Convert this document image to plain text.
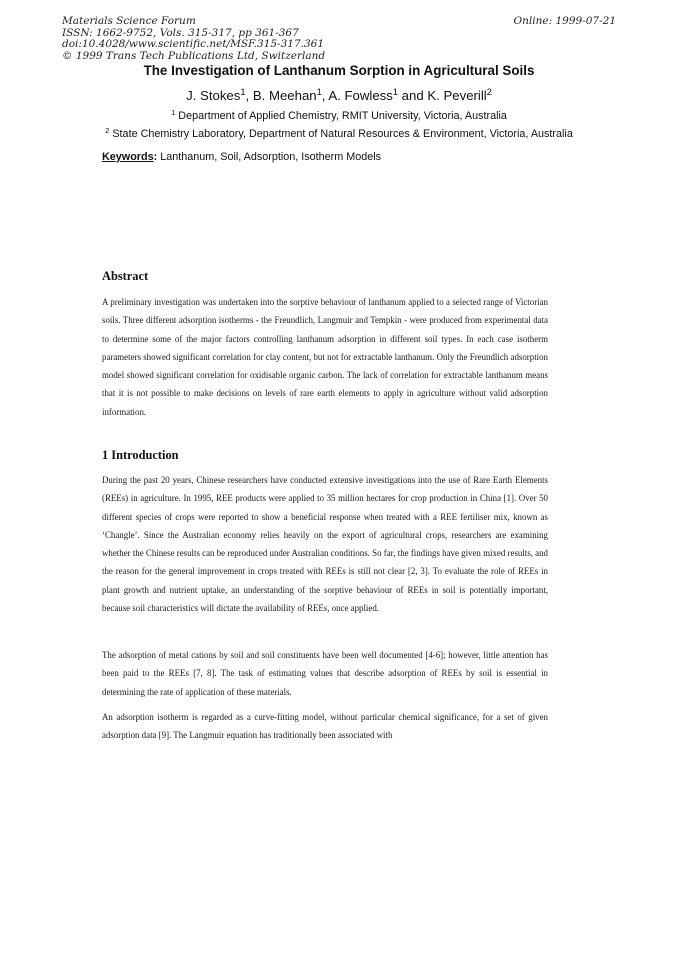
Materials Science Forum
ISSN: 1662-9752, Vols. 315-317, pp 361-367
doi:10.4028/www.scientific.net/MSF.315-317.361
© 1999 Trans Tech Publications Ltd, Switzerland
Online: 1999-07-21
The Investigation of Lanthanum Sorption in Agricultural Soils
J. Stokes$^1$, B. Meehan$^1$, A. Fowless$^1$ and K. Peverill$^2$
$^1$ Department of Applied Chemistry, RMIT University, Victoria, Australia
$^2$ State Chemistry Laboratory, Department of Natural Resources & Environment, Victoria, Australia
Keywords: Lanthanum, Soil, Adsorption, Isotherm Models
Abstract
A preliminary investigation was undertaken into the sorptive behaviour of lanthanum applied to a selected range of Victorian soils. Three different adsorption isotherms - the Freundlich, Langmuir and Tempkin - were produced from experimental data to determine some of the major factors controlling lanthanum adsorption in different soil types. In each case isotherm parameters showed significant correlation for clay content, but not for extractable lanthanum. Only the Freundlich adsorption model showed significant correlation for oxidisable organic carbon. The lack of correlation for extractable lanthanum means that it is not possible to make decisions on levels of rare earth elements to apply in agriculture without valid adsorption information.
1 Introduction
During the past 20 years, Chinese researchers have conducted extensive investigations into the use of Rare Earth Elements (REEs) in agriculture. In 1995, REE products were applied to 35 million hectares for crop production in China [1]. Over 50 different species of crops were reported to show a beneficial response when treated with a REE fertiliser mix, known as ‘Changle’. Since the Australian economy relies heavily on the export of agricultural crops, researchers are examining whether the Chinese results can be reproduced under Australian conditions. So far, the findings have given mixed results, and the reason for the general improvement in crops treated with REEs is still not clear [2, 3]. To evaluate the role of REEs in plant growth and nutrient uptake, an understanding of the sorptive behaviour of REEs in soil is potentially important, because soil characteristics will dictate the availability of REEs, once applied.
The adsorption of metal cations by soil and soil constituents have been well documented [4-6]; however, little attention has been paid to the REEs [7, 8]. The task of estimating values that describe adsorption of REEs by soil is essential in determining the rate of application of these materials.
An adsorption isotherm is regarded as a curve-fitting model, without particular chemical significance, for a set of given adsorption data [9]. The Langmuir equation has traditionally been associated with
